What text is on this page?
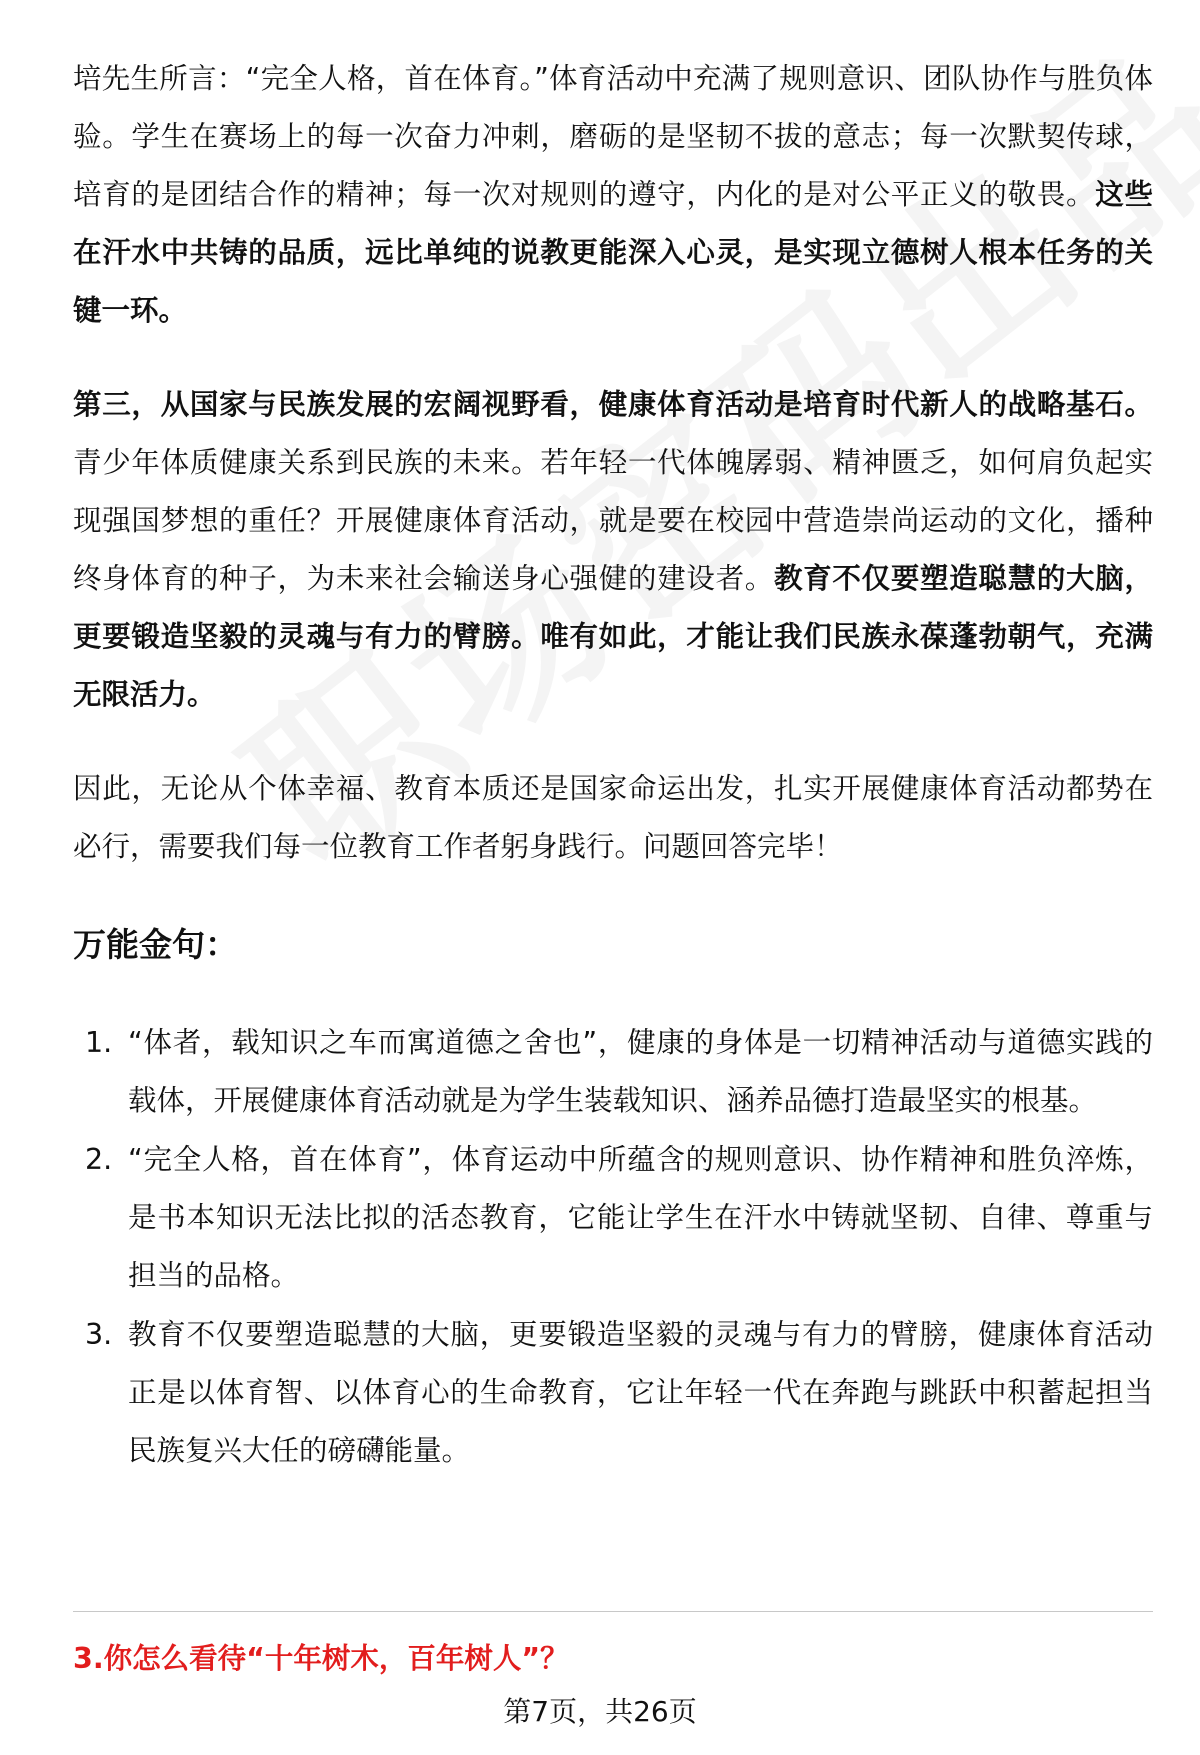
培先生所言：“完全人格，首在体育。”体育活动中充满了规则意识、团队协作与胜负体验。学生在赛场上的每一次奋力冲刺，磨砺的是坚韧不拔的意志；每一次默契传球，培育的是团结合作的精神；每一次对规则的遵守，内化的是对公平正义的敬畏。这些在汗水中共铸的品质，远比单纯的说教更能深入心灵，是实现立德树人根本任务的关键一环。

第三，从国家与民族发展的宏阔视野看，健康体育活动是培育时代新人的战略基石。 青少年体质健康关系到民族的未来。若年轻一代体魄孱弱、精神匮乏，如何肩负起实现强国梦想的重任？开展健康体育活动，就是要在校园中营造崇尚运动的文化，播种终身体育的种子，为未来社会输送身心强健的建设者。教育不仅要塑造聪慧的大脑，更要锻造坚毅的灵魂与有力的臂膀。唯有如此，才能让我们民族永葆蓬勃朝气，充满无限活力。

因此，无论从个体幸福、教育本质还是国家命运出发，扎实开展健康体育活动都势在必行，需要我们每一位教育工作者躬身践行。问题回答完毕！

万能金句：

1. “体者，载知识之车而寓道德之舍也”，健康的身体是一切精神活动与道德实践的载体，开展健康体育活动就是为学生装载知识、涵养品德打造最坚实的根基。
2. “完全人格，首在体育”，体育运动中所蕴含的规则意识、协作精神和胜负淬炼，是书本知识无法比拟的活态教育，它能让学生在汗水中铸就坚韧、自律、尊重与担当的品格。
3. 教育不仅要塑造聪慧的大脑，更要锻造坚毅的灵魂与有力的臂膀，健康体育活动正是以体育智、以体育心的生命教育，它让年轻一代在奔跑与跳跃中积蓄起担当民族复兴大任的磅礴能量。
3.你怎么看待“十年树木，百年树人”？
第7页，共26页
